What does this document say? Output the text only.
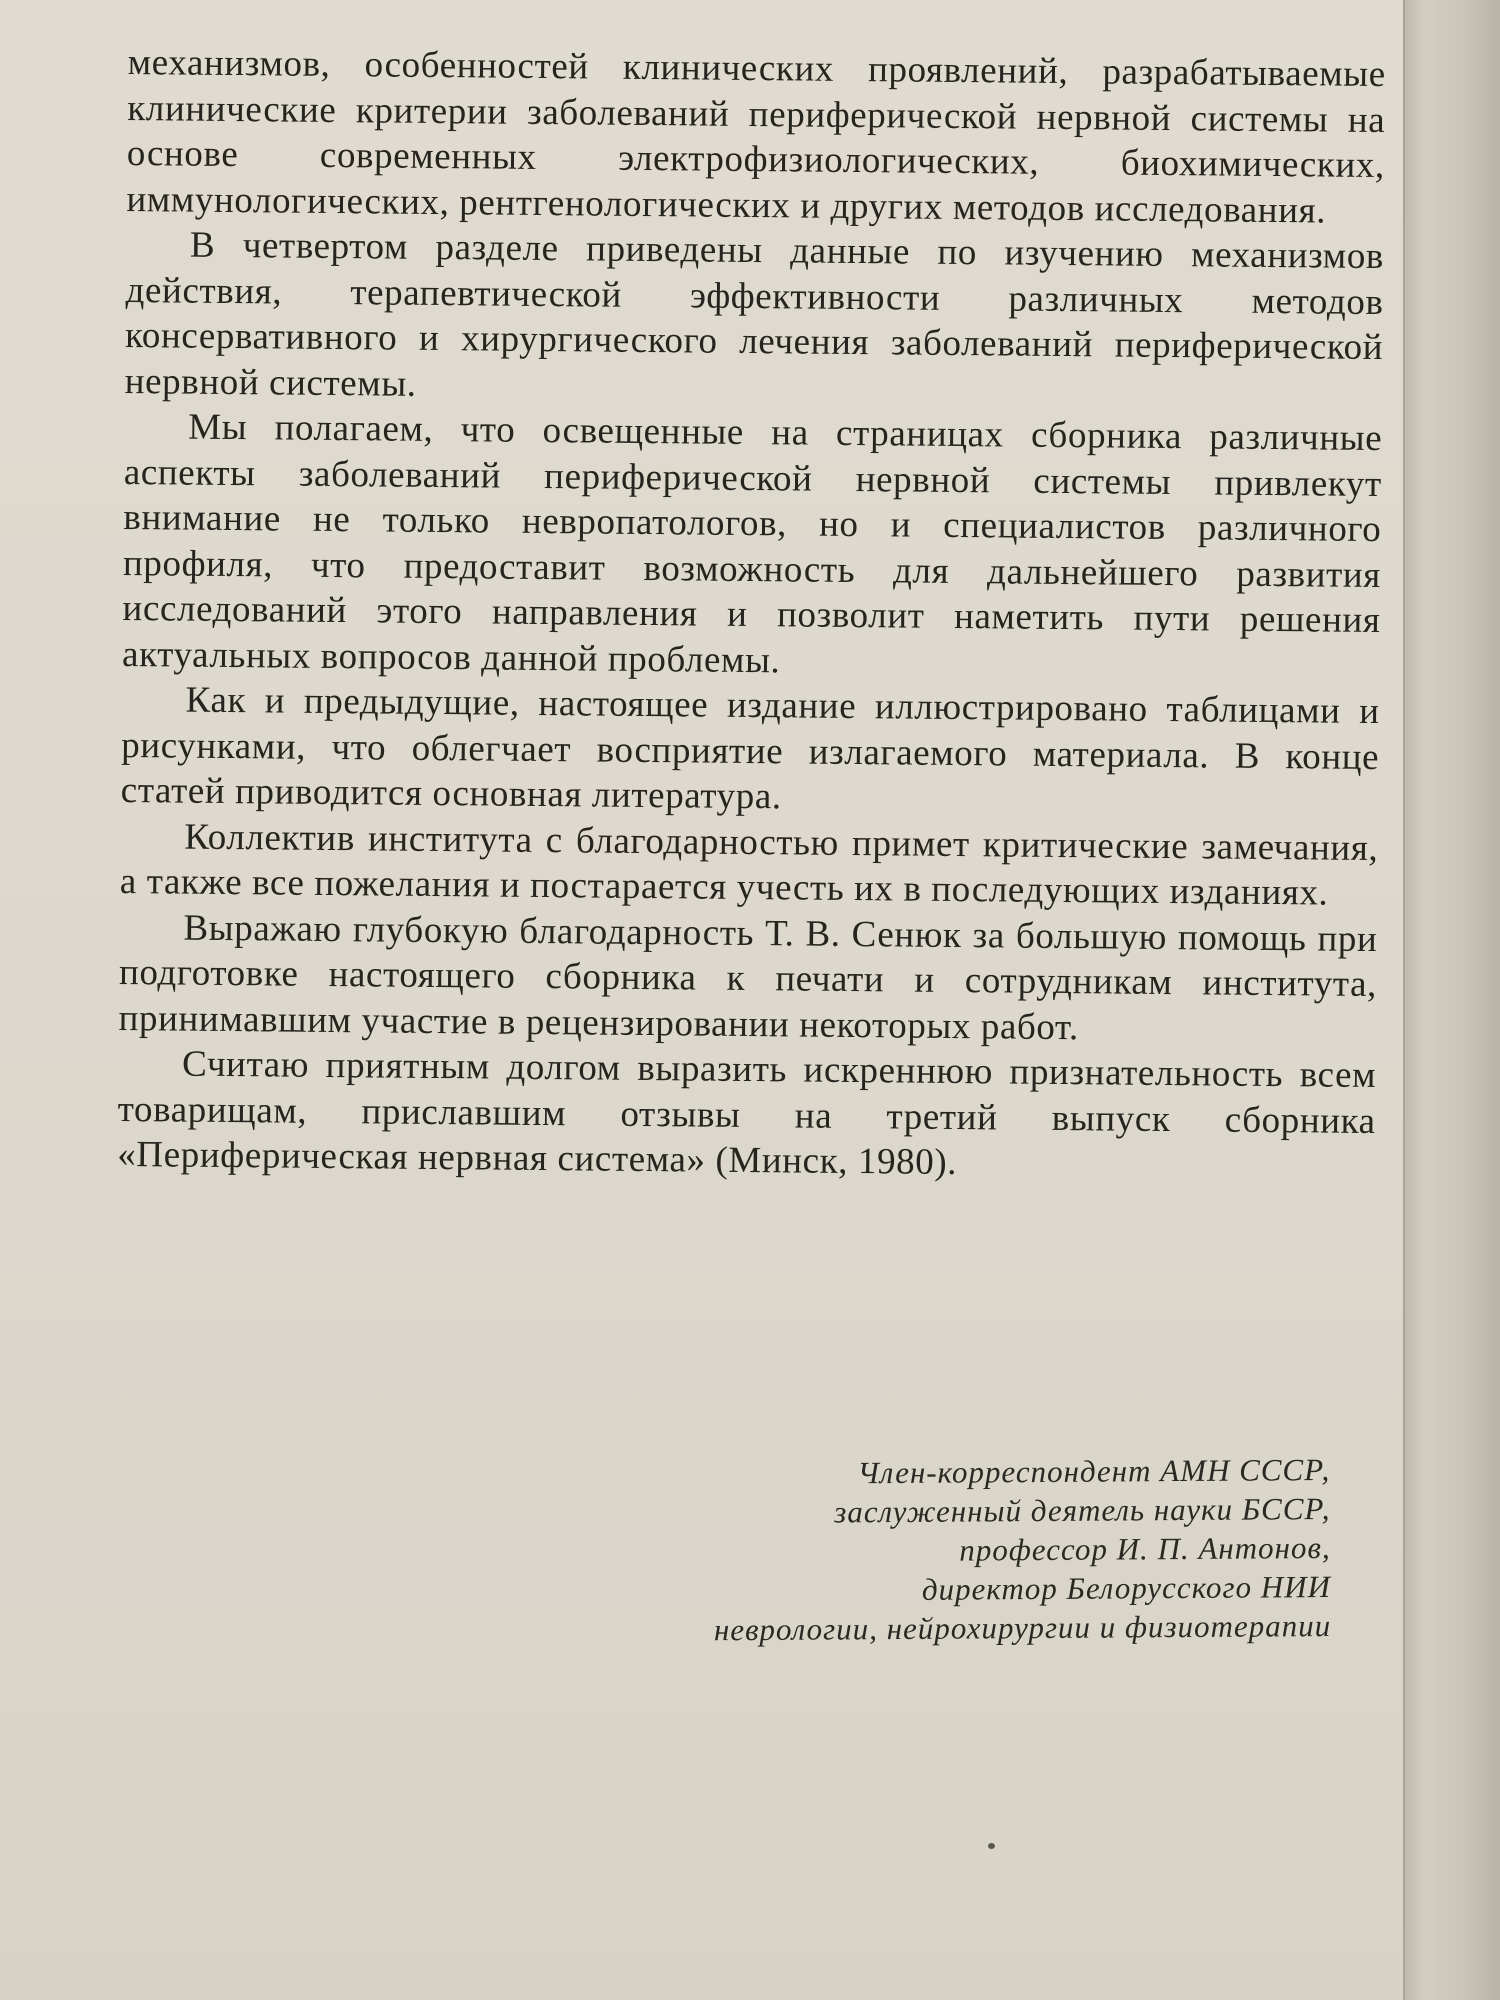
механизмов, особенностей клинических проявлений, разрабатываемые клинические критерии заболеваний периферической нервной системы на основе современных электрофизиологических, биохимических, иммунологических, рентгенологических и других методов исследования.

В четвертом разделе приведены данные по изучению механизмов действия, терапевтической эффективности различных методов консервативного и хирургического лечения заболеваний периферической нервной системы.

Мы полагаем, что освещенные на страницах сборника различные аспекты заболеваний периферической нервной системы привлекут внимание не только невропатологов, но и специалистов различного профиля, что предоставит возможность для дальнейшего развития исследований этого направления и позволит наметить пути решения актуальных вопросов данной проблемы.

Как и предыдущие, настоящее издание иллюстрировано таблицами и рисунками, что облегчает восприятие излагаемого материала. В конце статей приводится основная литература.

Коллектив института с благодарностью примет критические замечания, а также все пожелания и постарается учесть их в последующих изданиях.

Выражаю глубокую благодарность Т. В. Сенюк за большую помощь при подготовке настоящего сборника к печати и сотрудникам института, принимавшим участие в рецензировании некоторых работ.

Считаю приятным долгом выразить искреннюю признательность всем товарищам, приславшим отзывы на третий выпуск сборника «Периферическая нервная система» (Минск, 1980).

Член-корреспондент АМН СССР,
заслуженный деятель науки БССР,
профессор И. П. Антонов,
директор Белорусского НИИ
неврологии, нейрохирургии и физиотерапии
